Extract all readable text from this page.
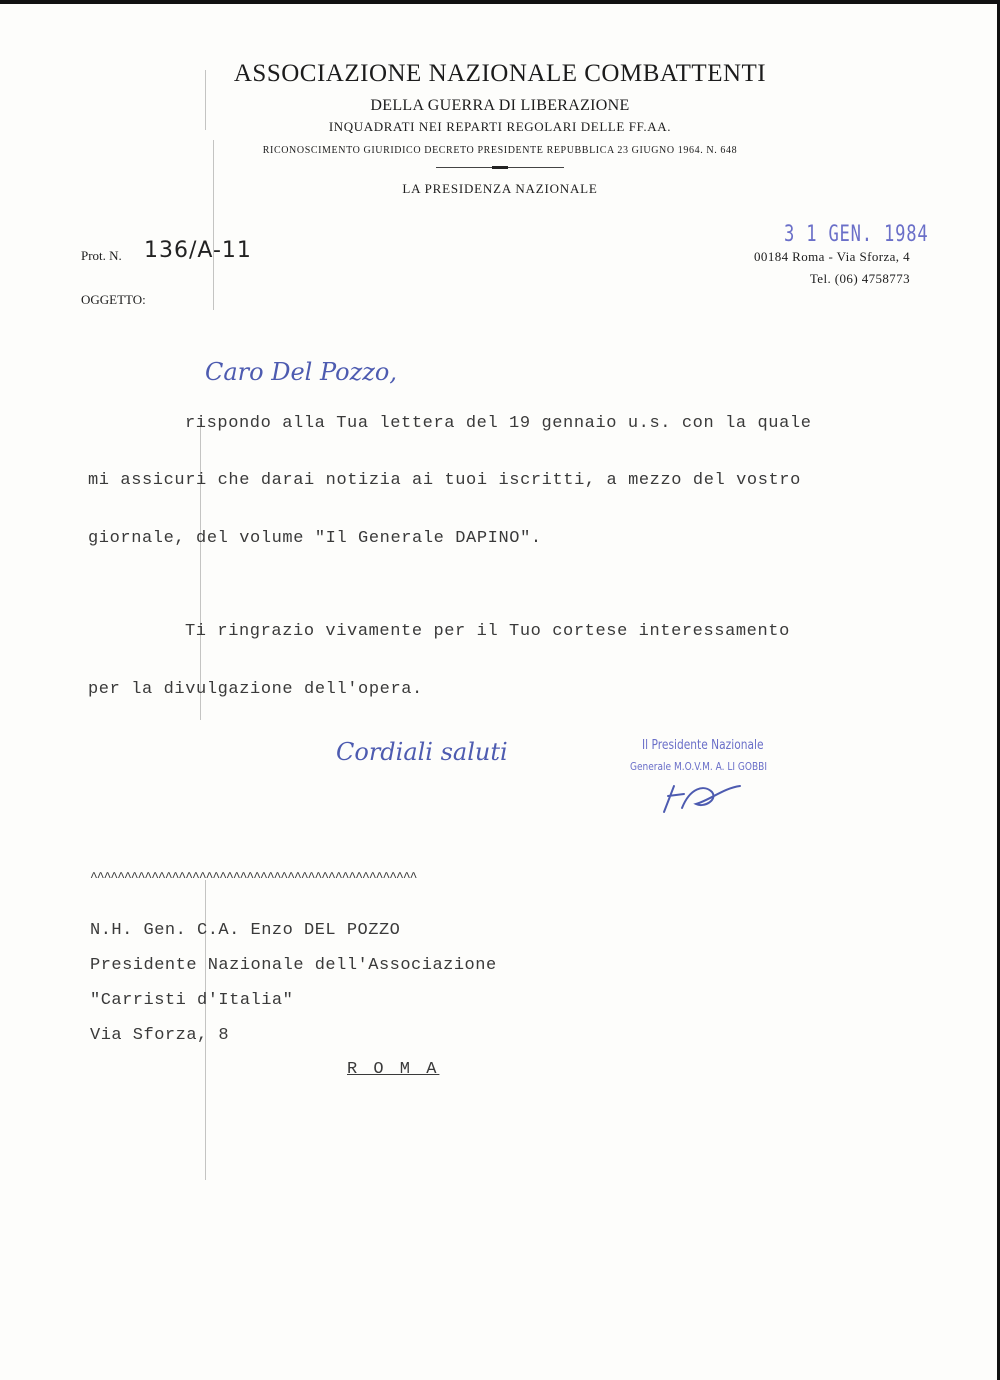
ASSOCIAZIONE NAZIONALE COMBATTENTI
DELLA GUERRA DI LIBERAZIONE
INQUADRATI NEI REPARTI REGOLARI DELLE FF.AA.
RICONOSCIMENTO GIURIDICO DECRETO PRESIDENTE REPUBBLICA 23 GIUGNO 1964. N. 648
LA PRESIDENZA NAZIONALE
Prot. N. 136/A-11
OGGETTO:
3 1 GEN. 1984
00184 Roma - Via Sforza, 4
Tel. (06) 4758773
Caro Del Pozzo,
rispondo alla Tua lettera del 19 gennaio u.s. con la quale
mi assicuri che darai notizia ai tuoi iscritti, a mezzo del vostro
giornale, del volume "Il Generale DAPINO".
Ti ringrazio vivamente per il Tuo cortese interessamento
per la divulgazione dell'opera.
Cordiali saluti	Il Presidente Nazionale
Generale M.O.V.M. A. LI GOBBI
^^^^^^^^^^^^^^^^^^^^^^^^^^^^^^^^^^^^^^^^^^^^^^^^
N.H. Gen. C.A. Enzo DEL POZZO
Presidente Nazionale dell'Associazione
"Carristi d'Italia"
Via Sforza, 8
R O M A
